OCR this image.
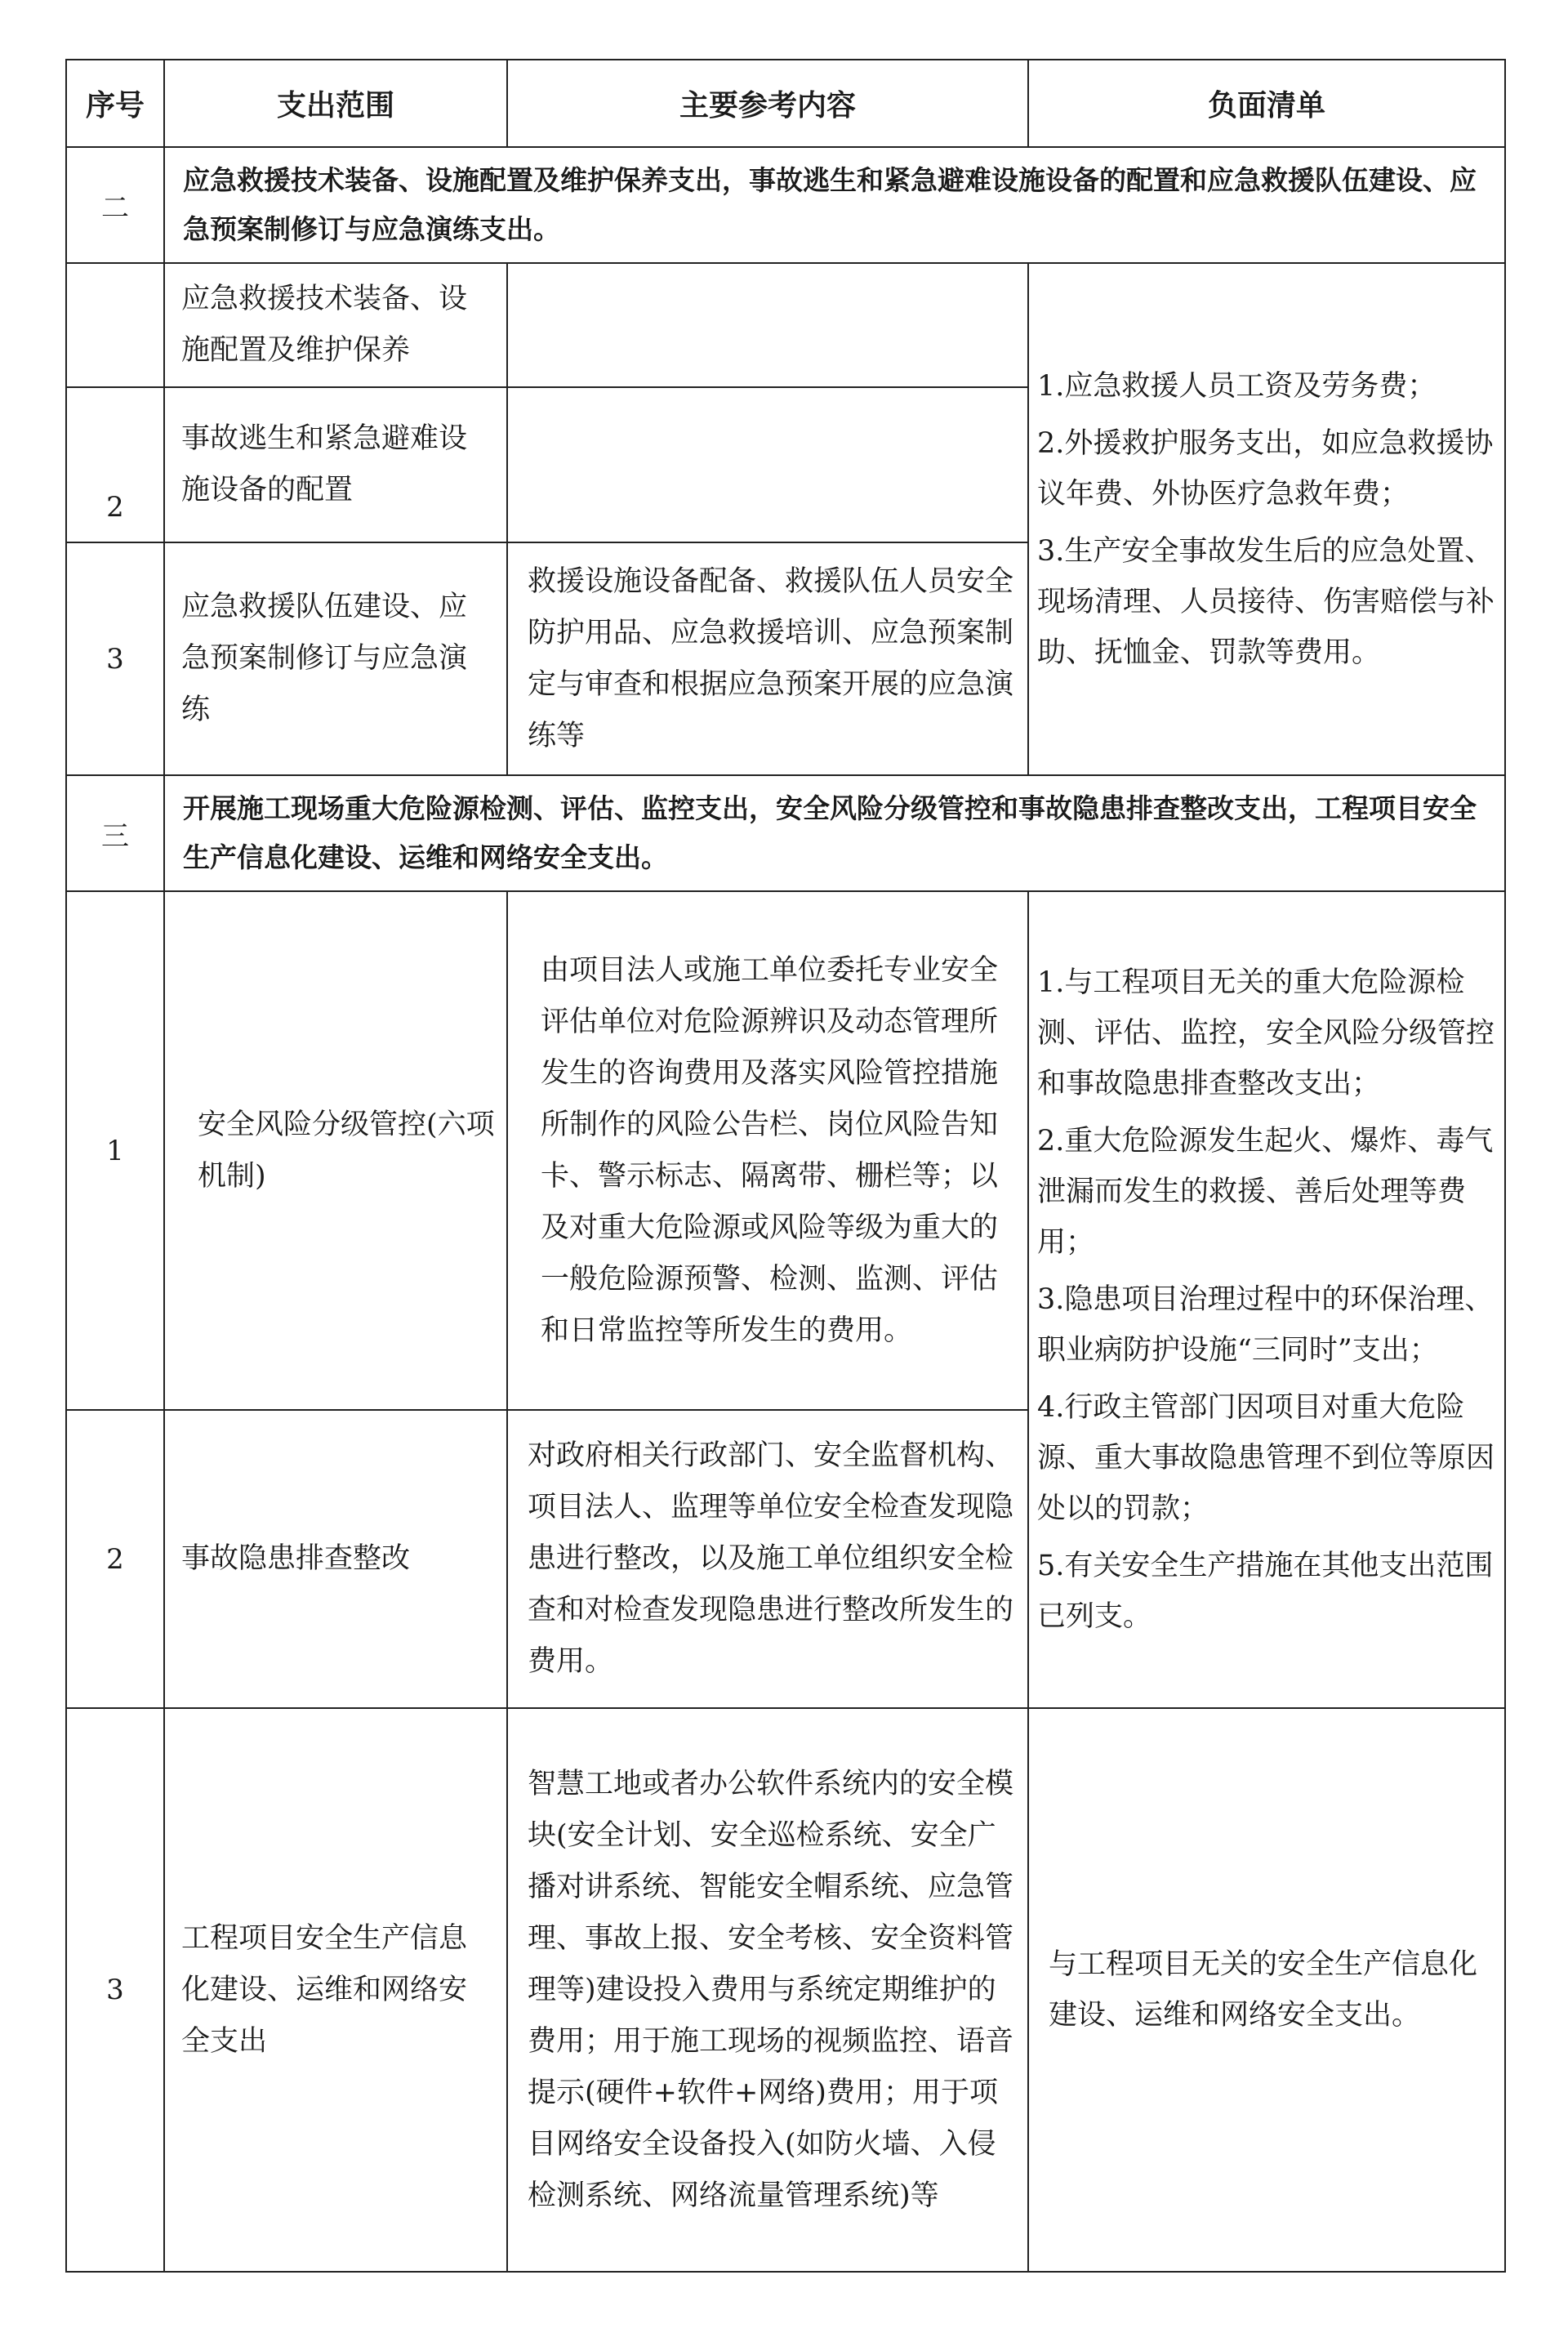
序号	支出范围	主要参考内容	负面清单
二	应急救援技术装备、设施配置及维护保养支出，事故逃生和紧急避难设施设备的配置和应急救援队伍建设、应急预案制修订与应急演练支出。		
	应急救援技术装备、设施配置及维护保养		1.应急救援人员工资及劳务费；

2.外援救护服务支出，如应急救援协议年费、外协医疗急救年费；

3.生产安全事故发生后的应急处置、现场清理、人员接待、伤害赔偿与补助、抚恤金、罚款等费用。

2	事故逃生和紧急避难设施设备的配置		
3	应急救援队伍建设、应急预案制修订与应急演练	救援设施设备配备、救援队伍人员安全防护用品、应急救援培训、应急预案制定与审查和根据应急预案开展的应急演练等	
三	开展施工现场重大危险源检测、评估、监控支出，安全风险分级管控和事故隐患排查整改支出，工程项目安全生产信息化建设、运维和网络安全支出。		
1	安全风险分级管控(六项机制)	由项目法人或施工单位委托专业安全评估单位对危险源辨识及动态管理所发生的咨询费用及落实风险管控措施所制作的风险公告栏、岗位风险告知卡、警示标志、隔离带、栅栏等；以及对重大危险源或风险等级为重大的一般危险源预警、检测、监测、评估和日常监控等所发生的费用。	1.与工程项目无关的重大危险源检测、评估、监控，安全风险分级管控和事故隐患排查整改支出；

2.重大危险源发生起火、爆炸、毒气泄漏而发生的救援、善后处理等费用；

3.隐患项目治理过程中的环保治理、职业病防护设施“三同时”支出；

4.行政主管部门因项目对重大危险源、重大事故隐患管理不到位等原因处以的罚款；

5.有关安全生产措施在其他支出范围已列支。

2	事故隐患排查整改	对政府相关行政部门、安全监督机构、项目法人、监理等单位安全检查发现隐患进行整改，以及施工单位组织安全检查和对检查发现隐患进行整改所发生的费用。	
3	工程项目安全生产信息化建设、运维和网络安全支出	智慧工地或者办公软件系统内的安全模块(安全计划、安全巡检系统、安全广播对讲系统、智能安全帽系统、应急管理、事故上报、安全考核、安全资料管理等)建设投入费用与系统定期维护的费用；用于施工现场的视频监控、语音提示(硬件+软件+网络)费用；用于项目网络安全设备投入(如防火墙、入侵检测系统、网络流量管理系统)等	与工程项目无关的安全生产信息化建设、运维和网络安全支出。
